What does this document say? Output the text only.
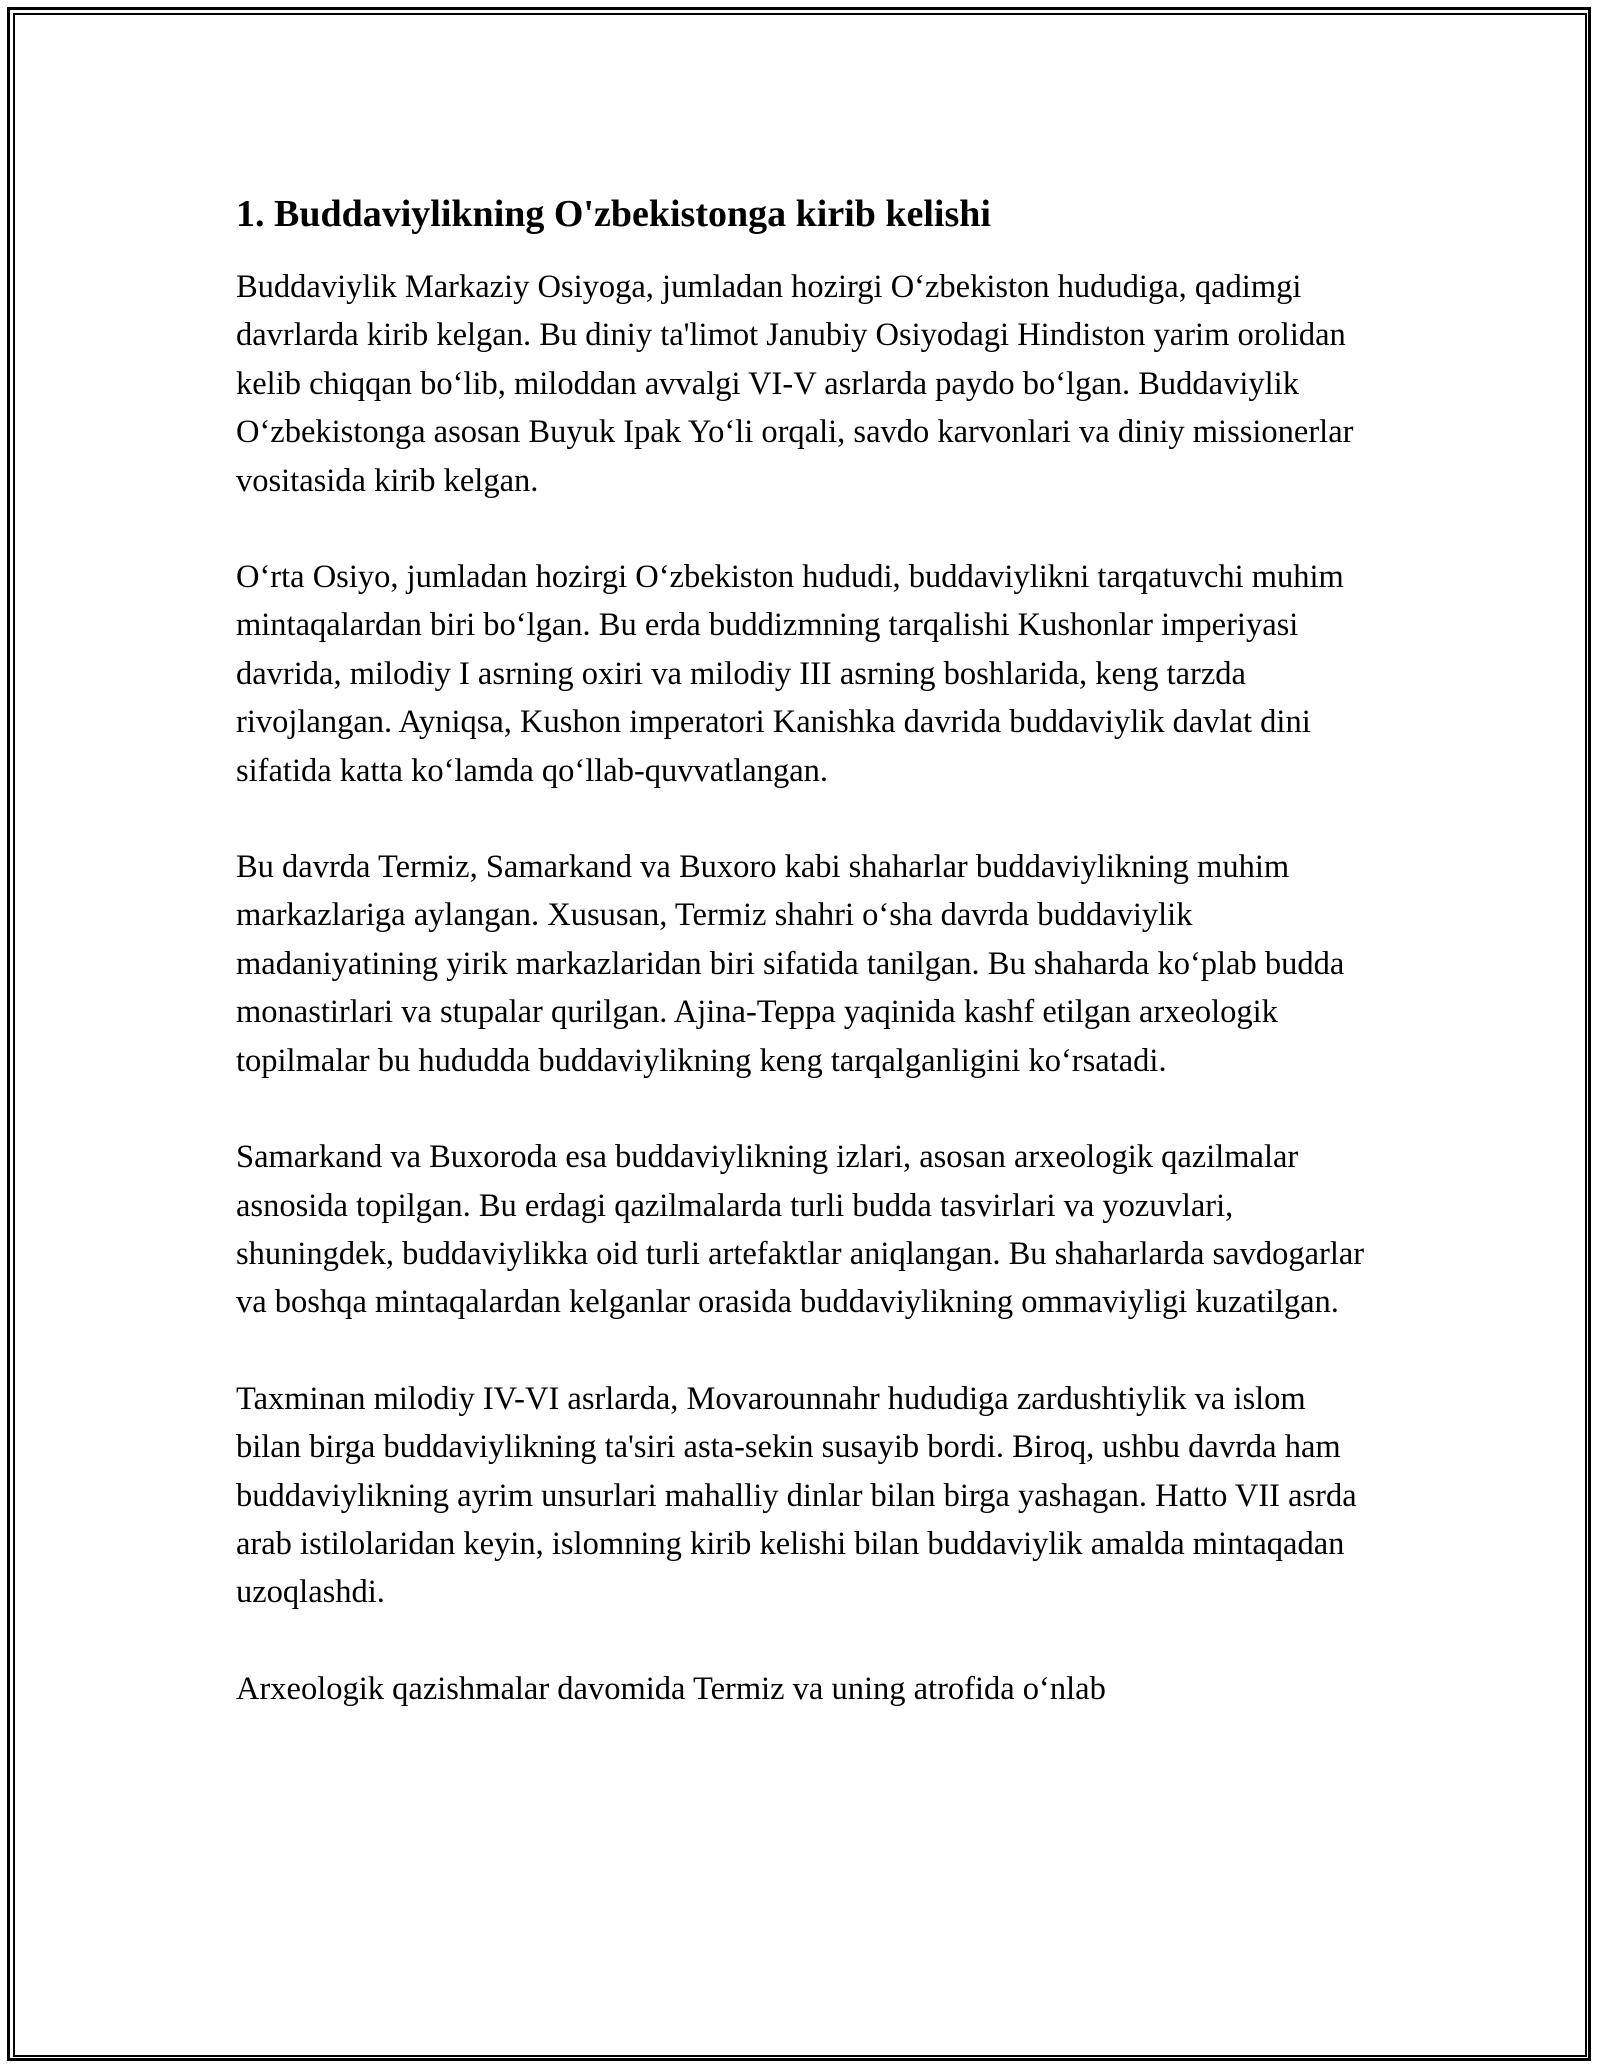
1. Buddaviylikning O'zbekistonga kirib kelishi

Buddaviylik Markaziy Osiyoga, jumladan hozirgi O‘zbekiston hududiga, qadimgi davrlarda kirib kelgan. Bu diniy ta'limot Janubiy Osiyodagi Hindiston yarim orolidan kelib chiqqan bo‘lib, miloddan avvalgi VI-V asrlarda paydo bo‘lgan. Buddaviylik O‘zbekistonga asosan Buyuk Ipak Yo‘li orqali, savdo karvonlari va diniy missionerlar vositasida kirib kelgan.

O‘rta Osiyo, jumladan hozirgi O‘zbekiston hududi, buddaviylikni tarqatuvchi muhim mintaqalardan biri bo‘lgan. Bu erda buddizmning tarqalishi Kushonlar imperiyasi davrida, milodiy I asrning oxiri va milodiy III asrning boshlarida, keng tarzda rivojlangan. Ayniqsa, Kushon imperatori Kanishka davrida buddaviylik davlat dini sifatida katta ko‘lamda qo‘llab-quvvatlangan.

Bu davrda Termiz, Samarkand va Buxoro kabi shaharlar buddaviylikning muhim markazlariga aylangan. Xususan, Termiz shahri o‘sha davrda buddaviylik madaniyatining yirik markazlaridan biri sifatida tanilgan. Bu shaharda ko‘plab budda monastirlari va stupalar qurilgan. Ajina-Teppa yaqinida kashf etilgan arxeologik topilmalar bu hududda buddaviylikning keng tarqalganligini ko‘rsatadi.

Samarkand va Buxoroda esa buddaviylikning izlari, asosan arxeologik qazilmalar asnosida topilgan. Bu erdagi qazilmalarda turli budda tasvirlari va yozuvlari, shuningdek, buddaviylikka oid turli artefaktlar aniqlangan. Bu shaharlarda savdogarlar va boshqa mintaqalardan kelganlar orasida buddaviylikning ommaviyligi kuzatilgan.

Taxminan milodiy IV-VI asrlarda, Movarounnahr hududiga zardushtiylik va islom bilan birga buddaviylikning ta'siri asta-sekin susayib bordi. Biroq, ushbu davrda ham buddaviylikning ayrim unsurlari mahalliy dinlar bilan birga yashagan. Hatto VII asrda arab istilolaridan keyin, islomning kirib kelishi bilan buddaviylik amalda mintaqadan uzoqlashdi.

Arxeologik qazishmalar davomida Termiz va uning atrofida o‘nlab
